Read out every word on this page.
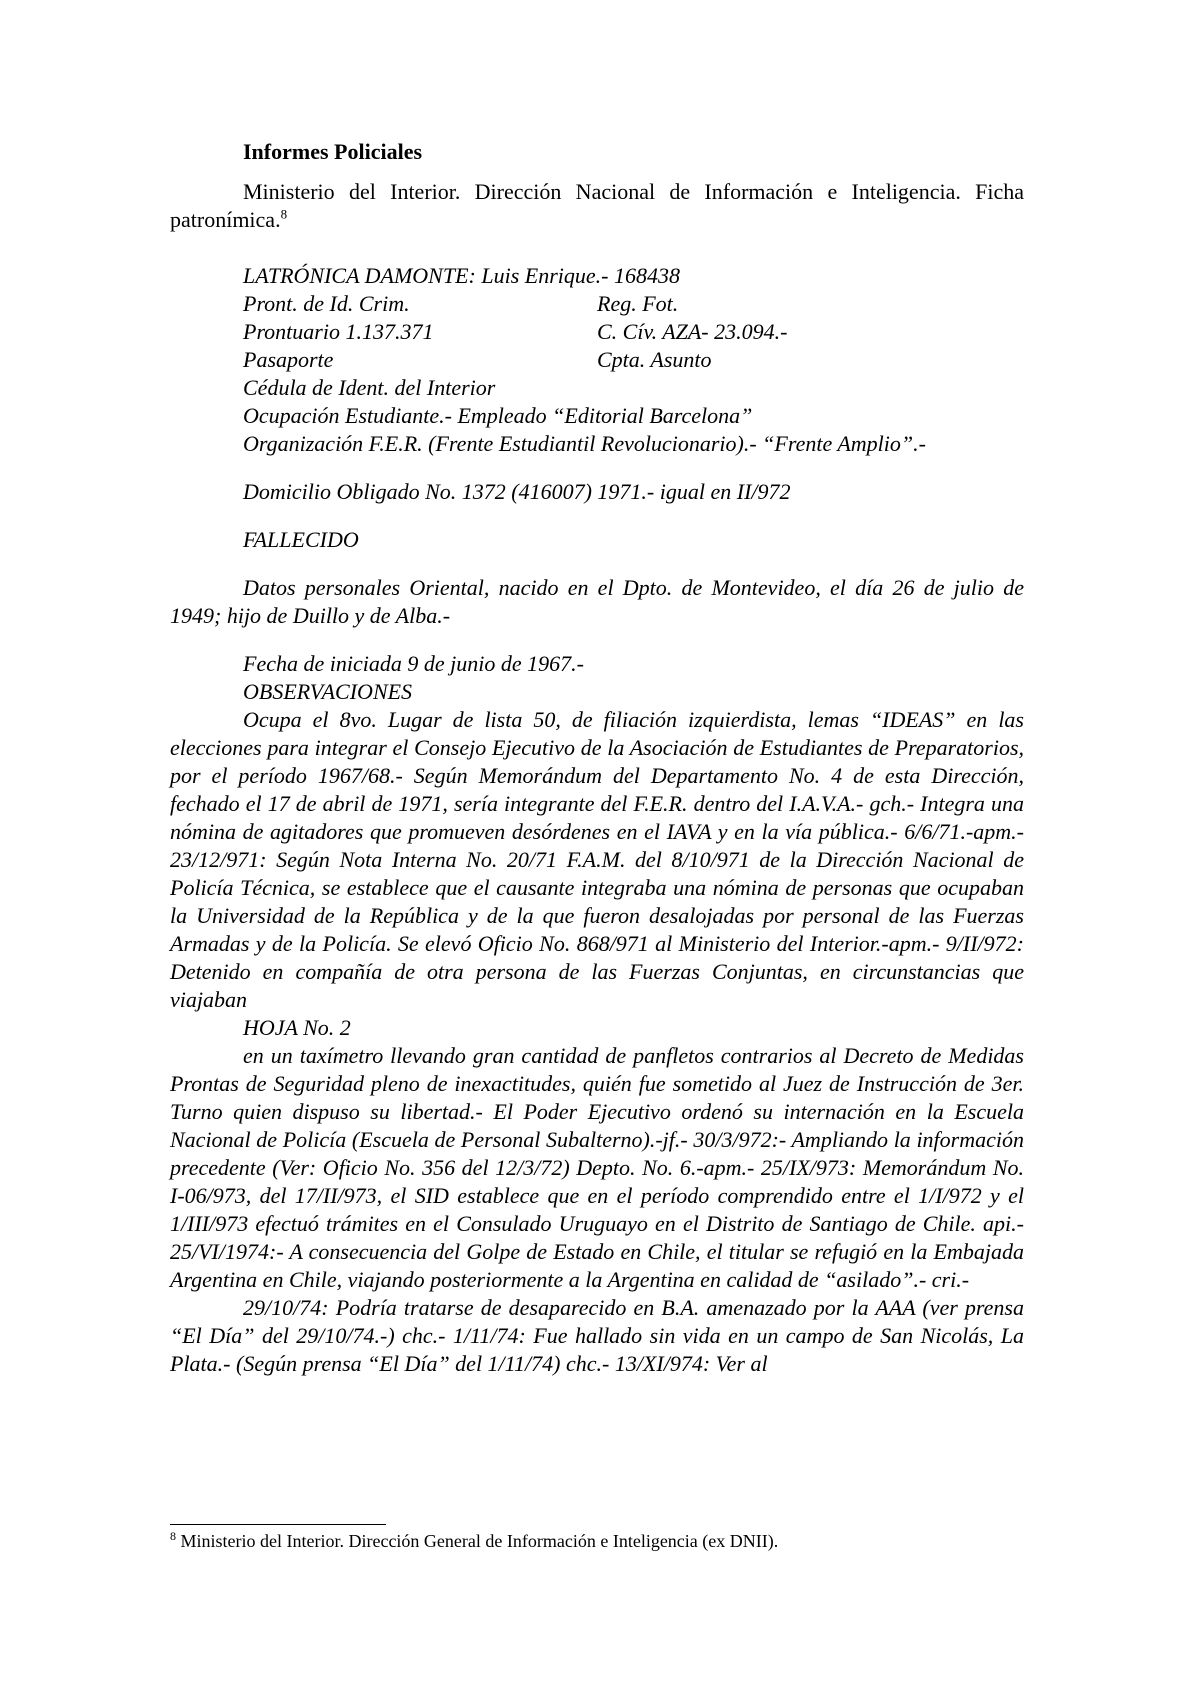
Informes Policiales

Ministerio del Interior. Dirección Nacional de Información e Inteligencia. Ficha patronímica.$^8$

LATRÓNICA DAMONTE: Luis Enrique.- 168438

Pront. de Id. Crim.	Reg. Fot.
Prontuario 1.137.371	C. Cív. AZA- 23.094.-
Pasaporte	Cpta. Asunto

Cédula de Ident. del Interior

Ocupación Estudiante.- Empleado “Editorial Barcelona”

Organización F.E.R. (Frente Estudiantil Revolucionario).- “Frente Amplio”.-

Domicilio Obligado No. 1372 (416007) 1971.- igual en II/972

FALLECIDO

Datos personales Oriental, nacido en el Dpto. de Montevideo, el día 26 de julio de 1949; hijo de Duillo y de Alba.-

Fecha de iniciada 9 de junio de 1967.-

OBSERVACIONES

Ocupa el 8vo. Lugar de lista 50, de filiación izquierdista, lemas “IDEAS” en las elecciones para integrar el Consejo Ejecutivo de la Asociación de Estudiantes de Preparatorios, por el período 1967/68.- Según Memorándum del Departamento No. 4 de esta Dirección, fechado el 17 de abril de 1971, sería integrante del F.E.R. dentro del I.A.V.A.- gch.- Integra una nómina de agitadores que promueven desórdenes en el IAVA y en la vía pública.- 6/6/71.-apm.- 23/12/971: Según Nota Interna No. 20/71 F.A.M. del 8/10/971 de la Dirección Nacional de Policía Técnica, se establece que el causante integraba una nómina de personas que ocupaban la Universidad de la República y de la que fueron desalojadas por personal de las Fuerzas Armadas y de la Policía. Se elevó Oficio No. 868/971 al Ministerio del Interior.-apm.- 9/II/972: Detenido en compañía de otra persona de las Fuerzas Conjuntas, en circunstancias que viajaban

HOJA No. 2

en un taxímetro llevando gran cantidad de panfletos contrarios al Decreto de Medidas Prontas de Seguridad pleno de inexactitudes, quién fue sometido al Juez de Instrucción de 3er. Turno quien dispuso su libertad.- El Poder Ejecutivo ordenó su internación en la Escuela Nacional de Policía (Escuela de Personal Subalterno).-jf.- 30/3/972:- Ampliando la información precedente (Ver: Oficio No. 356 del 12/3/72) Depto. No. 6.-apm.- 25/IX/973: Memorándum No. I-06/973, del 17/II/973, el SID establece que en el período comprendido entre el 1/I/972 y el 1/III/973 efectuó trámites en el Consulado Uruguayo en el Distrito de Santiago de Chile. api.- 25/VI/1974:- A consecuencia del Golpe de Estado en Chile, el titular se refugió en la Embajada Argentina en Chile, viajando posteriormente a la Argentina en calidad de “asilado”.- cri.-

29/10/74: Podría tratarse de desaparecido en B.A. amenazado por la AAA (ver prensa “El Día” del 29/10/74.-) chc.- 1/11/74: Fue hallado sin vida en un campo de San Nicolás, La Plata.- (Según prensa “El Día” del 1/11/74) chc.- 13/XI/974: Ver al

$^8$ Ministerio del Interior. Dirección General de Información e Inteligencia (ex DNII).
